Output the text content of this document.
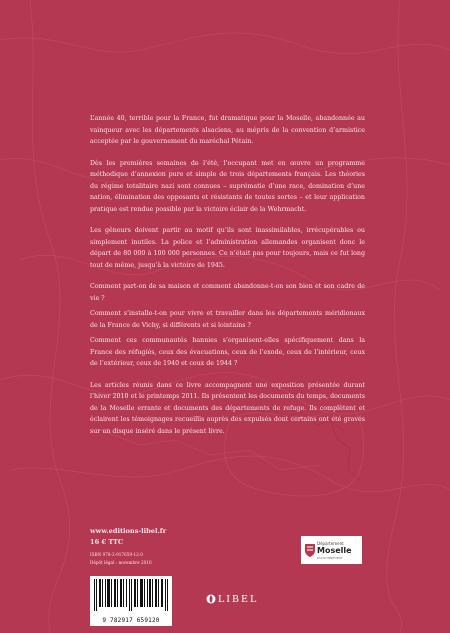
L’année 40, terrible pour la France, fut dramatique pour la Moselle, abandonnée au vainqueur avec les départements alsaciens, au mépris de la convention d’armistice acceptée par le gouvernement du maréchal Pétain.

Dès les premières semaines de l’été, l’occupant met en œuvre un programme méthodique d’annexion pure et simple de trois départements français. Les théories du régime totalitaire nazi sont connues – suprématie d’une race, domination d’une nation, élimination des opposants et résistants de toutes sortes – et leur application pratique est rendue possible par la victoire éclair de la Wehrmacht.

Les gêneurs doivent partir au motif qu’ils sont inassimilables, irrécupérables ou simplement inutiles. La police et l’administration allemandes organisent donc le départ de 80 000 à 100 000 personnes. Ce n’était pas pour toujours, mais ce fut long tout de même, jusqu’à la victoire de 1945.

Comment part-on de sa maison et comment abandonne-t-on son bien et son cadre de vie ?

Comment s’installe-t-on pour vivre et travailler dans les départements méridionaux de la France de Vichy, si différents et si lointains ?

Comment ces communautés bannies s’organisent-elles spécifiquement dans la France des réfugiés, ceux des évacuations, ceux de l’exode, ceux de l’intérieur, ceux de l’extérieur, ceux de 1940 et ceux de 1944 ?

Les articles réunis dans ce livre accompagnent une exposition présentée durant l’hiver 2010 et le printemps 2011. Ils présentent les documents du temps, documents de la Moselle errante et documents des départements de refuge. Ils complètent et éclairent les témoignages recueillis auprès des expulsés dont certains ont été gravés sur un disque inséré dans le présent livre.

www.editions-libel.fr
16 € TTC
ISBN 978-2-917659-12-0
Dépôt légal : novembre 2010
9 782917 659120
Département
Moselle
PASSIONNÉMENT
LIBEL
